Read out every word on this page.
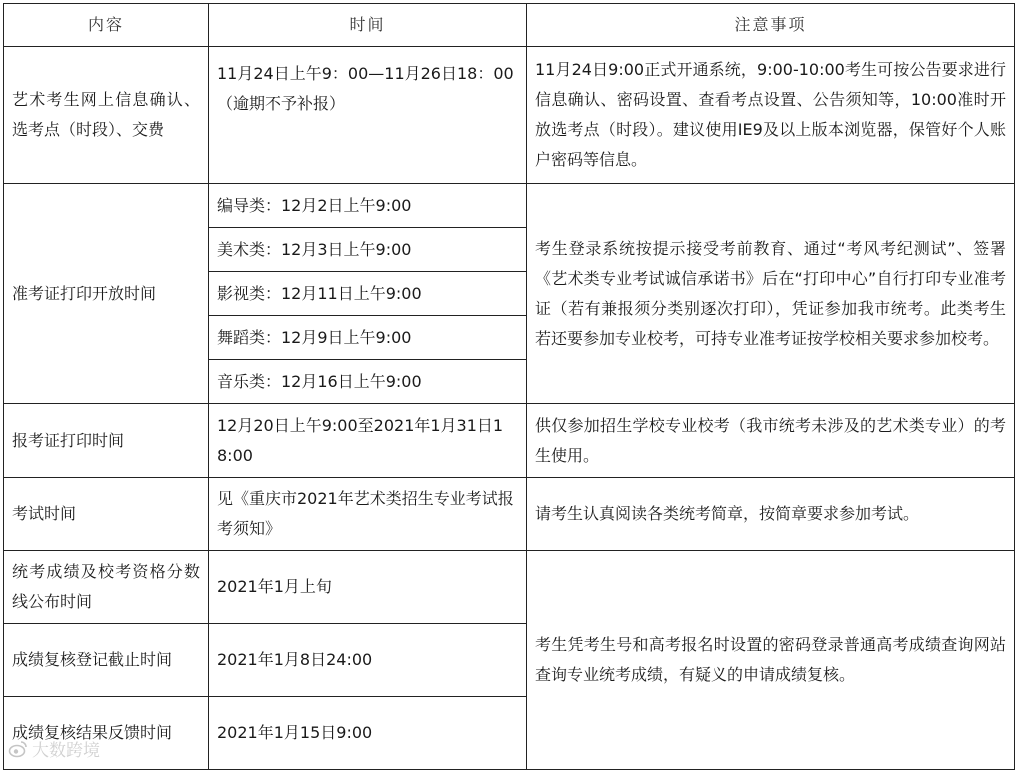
内容	时间	注意事项
艺术考生网上信息确认、选考点（时段）、交费	11月24日上午9：00—11月26日18：00（逾期不予补报）	11月24日9:00正式开通系统，9:00-10:00考生可按公告要求进行信息确认、密码设置、查看考点设置、公告须知等，10:00准时开放选考点（时段）。建议使用IE9及以上版本浏览器，保管好个人账户密码等信息。
准考证打印开放时间	编导类：12月2日上午9:00	考生登录系统按提示接受考前教育、通过“考风考纪测试”、签署《艺术类专业考试诚信承诺书》后在“打印中心”自行打印专业准考证（若有兼报须分类别逐次打印），凭证参加我市统考。此类考生若还要参加专业校考，可持专业准考证按学校相关要求参加校考。
	美术类：12月3日上午9:00	
	影视类：12月11日上午9:00	
	舞蹈类：12月9日上午9:00	
	音乐类：12月16日上午9:00	
报考证打印时间	12月20日上午9:00至2021年1月31日18:00	供仅参加招生学校专业校考（我市统考未涉及的艺术类专业）的考生使用。
考试时间	见《重庆市2021年艺术类招生专业考试报考须知》	请考生认真阅读各类统考简章，按简章要求参加考试。
统考成绩及校考资格分数线公布时间	2021年1月上旬	考生凭考生号和高考报名时设置的密码登录普通高考成绩查询网站查询专业统考成绩，有疑义的申请成绩复核。
成绩复核登记截止时间	2021年1月8日24:00	
成绩复核结果反馈时间	2021年1月15日9:00	
大数跨境
